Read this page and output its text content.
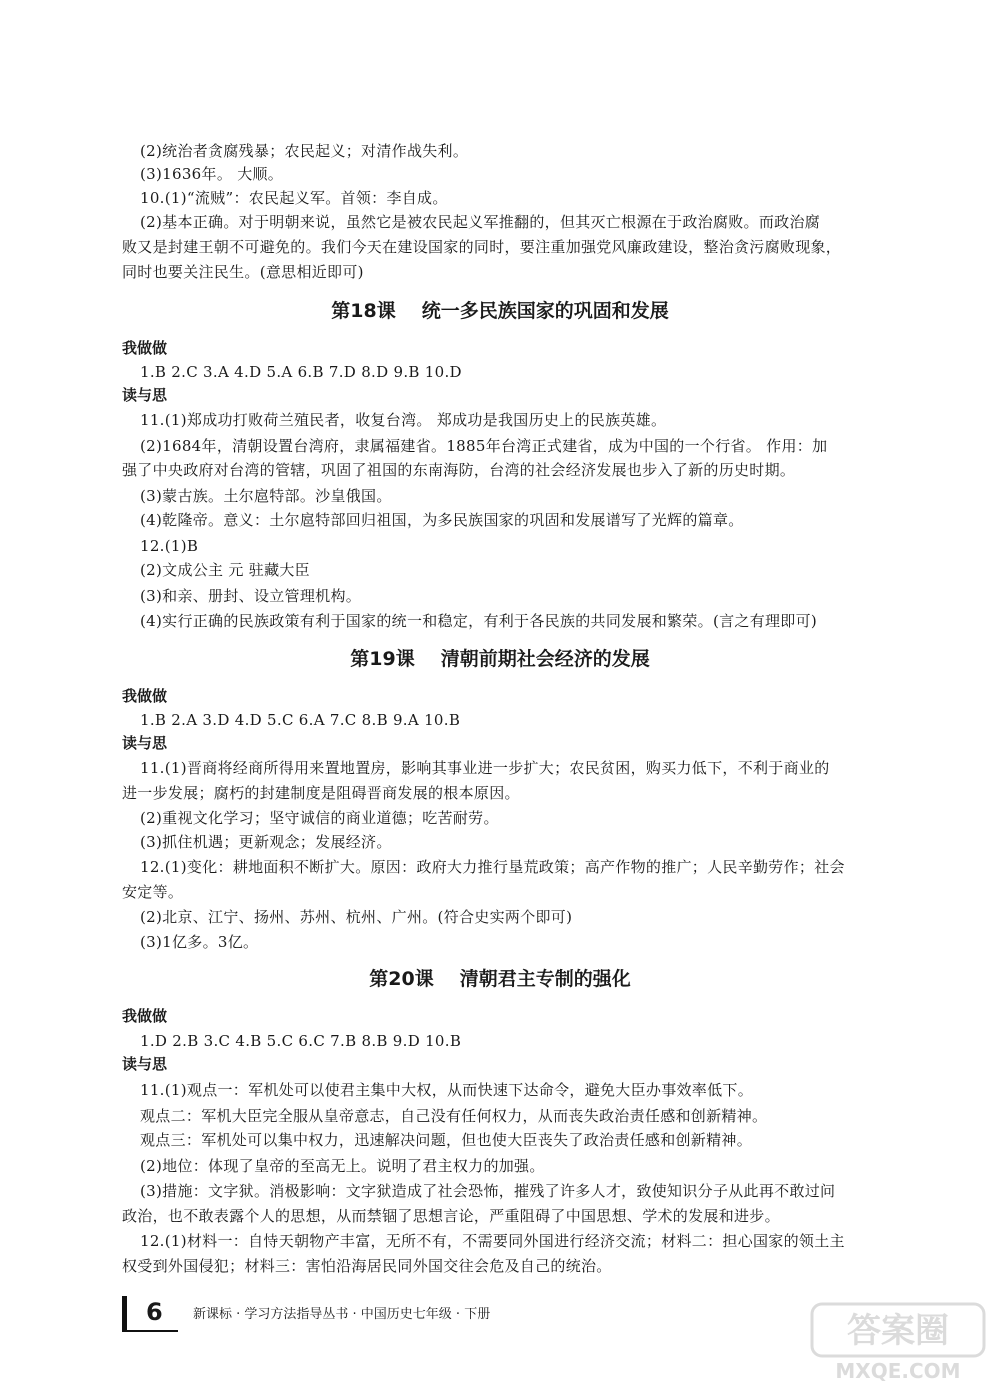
(2)统治者贪腐残暴；农民起义；对清作战失利。
(3)1636年。 大顺。
10.(1)“流贼”：农民起义军。首领：李自成。
(2)基本正确。对于明朝来说，虽然它是被农民起义军推翻的，但其灭亡根源在于政治腐败。而政治腐
败又是封建王朝不可避免的。我们今天在建设国家的同时，要注重加强党风廉政建设，整治贪污腐败现象，
同时也要关注民生。(意思相近即可)
第18课 统一多民族国家的巩固和发展
我做做
1.B 2.C 3.A 4.D 5.A 6.B 7.D 8.D 9.B 10.D
读与思
11.(1)郑成功打败荷兰殖民者，收复台湾。 郑成功是我国历史上的民族英雄。
(2)1684年，清朝设置台湾府，隶属福建省。1885年台湾正式建省，成为中国的一个行省。 作用：加
强了中央政府对台湾的管辖，巩固了祖国的东南海防，台湾的社会经济发展也步入了新的历史时期。
(3)蒙古族。土尔扈特部。沙皇俄国。
(4)乾隆帝。意义：土尔扈特部回归祖国，为多民族国家的巩固和发展谱写了光辉的篇章。
12.(1)B
(2)文成公主 元 驻藏大臣
(3)和亲、册封、设立管理机构。
(4)实行正确的民族政策有利于国家的统一和稳定，有利于各民族的共同发展和繁荣。(言之有理即可)
第19课 清朝前期社会经济的发展
我做做
1.B 2.A 3.D 4.D 5.C 6.A 7.C 8.B 9.A 10.B
读与思
11.(1)晋商将经商所得用来置地置房，影响其事业进一步扩大；农民贫困，购买力低下，不利于商业的
进一步发展；腐朽的封建制度是阻碍晋商发展的根本原因。
(2)重视文化学习；坚守诚信的商业道德；吃苦耐劳。
(3)抓住机遇；更新观念；发展经济。
12.(1)变化：耕地面积不断扩大。原因：政府大力推行垦荒政策；高产作物的推广；人民辛勤劳作；社会
安定等。
(2)北京、江宁、扬州、苏州、杭州、广州。(符合史实两个即可)
(3)1亿多。3亿。
第20课 清朝君主专制的强化
我做做
1.D 2.B 3.C 4.B 5.C 6.C 7.B 8.B 9.D 10.B
读与思
11.(1)观点一：军机处可以使君主集中大权，从而快速下达命令，避免大臣办事效率低下。
观点二：军机大臣完全服从皇帝意志，自己没有任何权力，从而丧失政治责任感和创新精神。
观点三：军机处可以集中权力，迅速解决问题，但也使大臣丧失了政治责任感和创新精神。
(2)地位：体现了皇帝的至高无上。说明了君主权力的加强。
(3)措施：文字狱。消极影响：文字狱造成了社会恐怖，摧残了许多人才，致使知识分子从此再不敢过问
政治，也不敢表露个人的思想，从而禁锢了思想言论，严重阻碍了中国思想、学术的发展和进步。
12.(1)材料一：自恃天朝物产丰富，无所不有，不需要同外国进行经济交流；材料二：担心国家的领土主
权受到外国侵犯；材料三：害怕沿海居民同外国交往会危及自己的统治。
6 新课标 · 学习方法指导丛书 · 中国历史七年级 · 下册	答案圈
MXQE.COM
